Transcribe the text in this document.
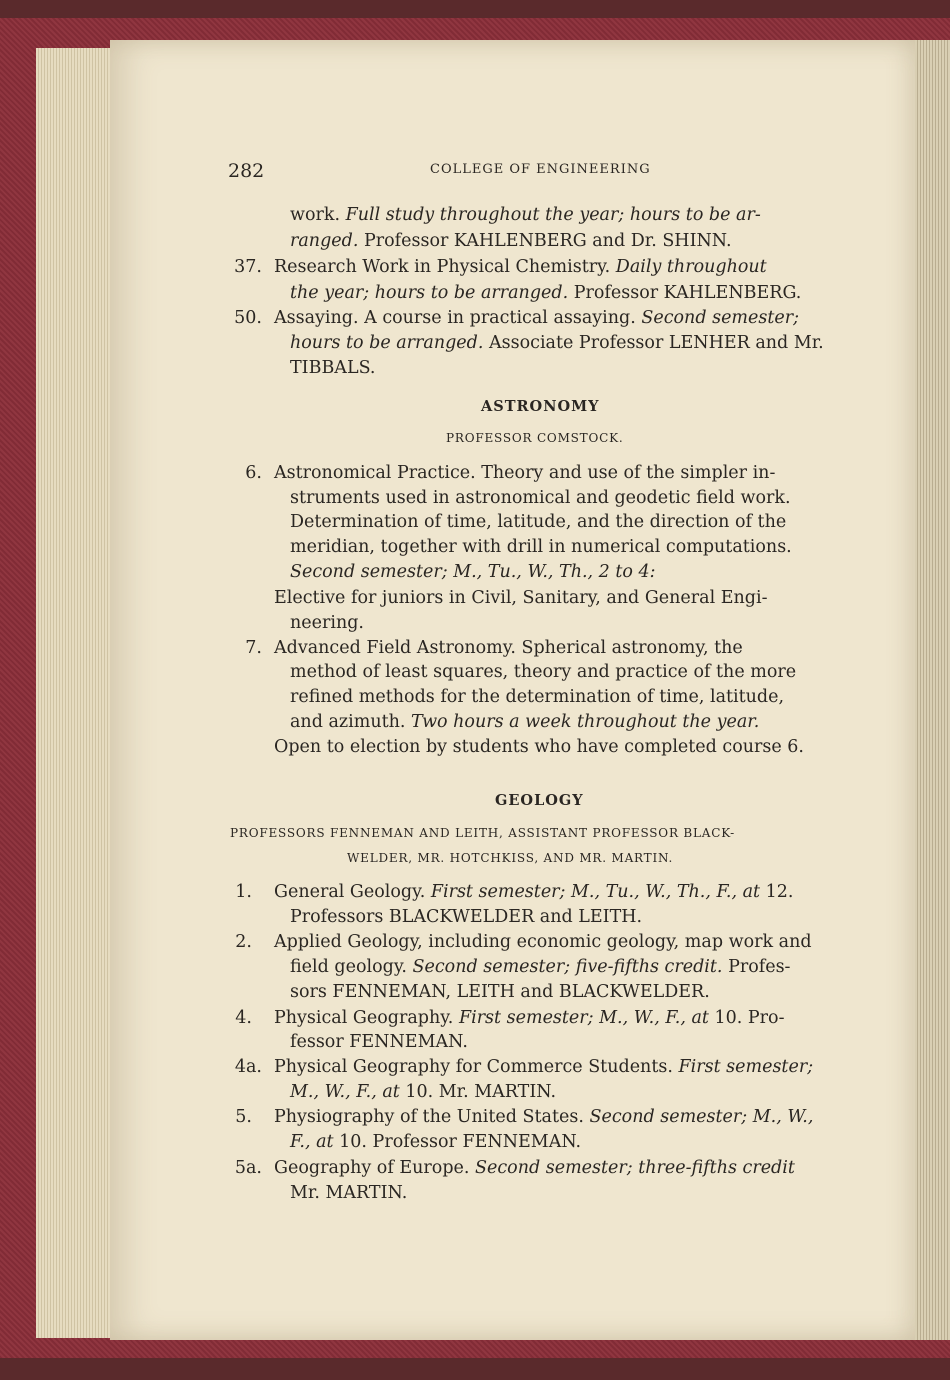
282	COLLEGE OF ENGINEERING
work. Full study throughout the year; hours to be ar-
ranged. Professor KAHLENBERG and Dr. SHINN.
37. Research Work in Physical Chemistry. Daily throughout
the year; hours to be arranged. Professor KAHLENBERG.
50. Assaying. A course in practical assaying. Second semester;
hours to be arranged. Associate Professor LENHER and Mr.
TIBBALS.
ASTRONOMY
PROFESSOR COMSTOCK.
6. Astronomical Practice. Theory and use of the simpler in-
struments used in astronomical and geodetic field work.
Determination of time, latitude, and the direction of the
meridian, together with drill in numerical computations.
Second semester; M., Tu., W., Th., 2 to 4:
Elective for juniors in Civil, Sanitary, and General Engi-
neering.
7. Advanced Field Astronomy. Spherical astronomy, the
method of least squares, theory and practice of the more
refined methods for the determination of time, latitude,
and azimuth. Two hours a week throughout the year.
Open to election by students who have completed course 6.
GEOLOGY
PROFESSORS FENNEMAN AND LEITH, ASSISTANT PROFESSOR BLACK-
WELDER, MR. HOTCHKISS, AND MR. MARTIN.
1. General Geology. First semester; M., Tu., W., Th., F., at 12.
Professors BLACKWELDER and LEITH.
2. Applied Geology, including economic geology, map work and
field geology. Second semester; five-fifths credit. Profes-
sors FENNEMAN, LEITH and BLACKWELDER.
4. Physical Geography. First semester; M., W., F., at 10. Pro-
fessor FENNEMAN.
4a. Physical Geography for Commerce Students. First semester;
M., W., F., at 10. Mr. MARTIN.
5. Physiography of the United States. Second semester; M., W.,
F., at 10. Professor FENNEMAN.
5a. Geography of Europe. Second semester; three-fifths credit
Mr. MARTIN.
